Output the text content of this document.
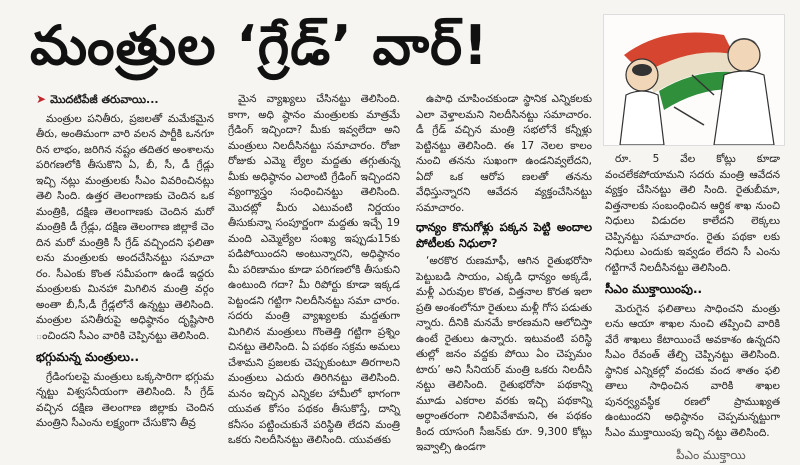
మంత్రుల ‘గ్రేడ్’ వార్!
➤ మొదటిపేజీ తరువాయి...

మంత్రుల పనితీరు, ప్రజలతో మమేకమైన తీరు, అంతిమంగా వారి వలన పార్టీకి ఒనగూ రిన లాభం, జరిగిన నష్టం తదితర అంశాలను పరిగణలోకి తీసుకొని ఏ, బీ, సీ, డీ గ్రేడ్లు ఇచ్చి నట్లు మంత్రులకు సీఎం వివరించినట్లు తెలి సింది. ఉత్తర తెలంగాణకు చెందిన ఒక మంత్రికి, దక్షిణ తెలంగాణకు చెందిన మరో మంత్రికి డీ గ్రేడ్లు, దక్షిణ తెలంగాణ జిల్లాకే చెం దిన మరో మంత్రికి సీ గ్రేడ్ వచ్చిందని ఫలితా లను మంత్రులకు అందచేసినట్టు సమాచా రం. సీఎంకు కొంత సమీపంగా ఉండే ఇద్దరు మంత్రులకు మినహా మిగిలిన మంత్రి వర్గం అంతా బీ,సీ,డీ గ్రేడ్లలోనే ఉన్నట్టు తెలిసింది. మంత్రుల పనితీరుపై అధిష్ఠానం దృష్టిసారి ంచిందని సీఎం వారికి చెప్పినట్టు తెలిసింది.

భగ్గుమన్న మంత్రులు..

గ్రేడింగులపై మంత్రులు ఒక్కసారిగా భగ్గుమ న్నట్టు విశ్వసనీయంగా తెలిసింది. సీ గ్రేడ్ వచ్చిన దక్షిణ తెలంగాణ జిల్లాకు చెందిన మంత్రిని సీఎంను లక్ష్యంగా చేసుకొని తీవ్ర

మైన వ్యాఖ్యలు చేసినట్టు తెలిసింది. కాగా, అధి ష్ఠానం మంత్రులకు మాత్రమే గ్రేడింగ్ ఇచ్చిందా? మీకు ఇవ్వలేదా అని మంత్రులు నిలదీసినట్టు సమాచారం. రోజా రోజుకు ఎమ్మె ల్యేల మద్దతు తగ్గుతున్న మీకు అధిష్ఠానం ఎలాంటి గ్రేడింగ్ ఇచ్చిందని వ్యంగ్యాస్త్రం సంధించినట్టు తెలిసింది. మొదట్లో మీరు ఎటువంటి నిర్ణయం తీసుకున్నా సంపూర్ణంగా మద్దతు ఇచ్చే 19 మంది ఎమ్మెల్యేల సంఖ్య ఇప్పుడు15కు పడిపోయిందని అంటున్నారని, అధిష్ఠానం మీ పరిణామం కూడా పరిగణలోకి తీసుకుని ఉంటుంది గదా? మీ రిపోర్టు కూడా ఇక్కడ పెట్టండని గట్టిగా నిలదీసినట్టు సమా చారం. సదరు మంత్రి వ్యాఖ్యలకు మద్దతుగా మిగిలిన మంత్రులు గొంతెత్తి గట్టిగా ప్రశ్నిం చినట్టు తెలిసింది. ఏ పథకం సక్రమ అమలు చేశామని ప్రజలకు చెప్పుకుంటూ తిరగాలని మంత్రులు ఎదురు తిరిగినట్టు తెలిసింది. మనం ఇచ్చిన ఎన్నికల హామీలో భాగంగా యువత కోసం పథకం తీసుకొస్తే, దాన్ని కనీసం పట్టించుకునే పరిస్థితి లేదని మంత్రి ఒకరు నిలదీసినట్టు తెలిసింది. యువతకు

ఉపాధి చూపించకుండా స్థానిక ఎన్నికలకు ఎలా వెళ్తాలమని నిలదీసినట్టు సమాచారం. డీ గ్రేడ్ వచ్చిన మంత్రి సభలోనే కన్నీళ్లు పెట్టినట్టు తెలిసింది. ఈ 17 నెలల కాలం నుంచి తనను సుఖంగా ఉండనివ్వలేదని, ఏదో ఒక ఆరోప ణలతో తనను వేధిస్తున్నారని ఆవేదన వ్యక్తంచేసినట్టు సమాచారం.

ధాన్యం కొనుగోళ్లు పక్కన పెట్టి అందాల పోటీలకు నిధులా?

‘అరకొర రుణమాఫీ, ఆగిన రైతుభరోసా పెట్టుబడి సాయం, ఎక్కడి ధాన్యం అక్కడే, మళ్లీ ఎరువుల కొరత, విత్తనాల కొరత ఇలా ప్రతి అంశంలోనూ రైతులు మళ్లీ గోస పడుతు న్నారు. దీనికి మనమే కారణమని ఆలోచిస్తా ఉంటే రైతులు ఉన్నారు. ఇటువంటి పరిస్థి తుల్లో జనం వద్దకు పోయి ఏం చెప్పమం టారు’ అని సీనియర్ మంత్రి ఒకరు నిలదీసి నట్టు తెలిసింది. రైతుభరోసా పథకాన్ని మూడు ఎకరాల వరకు ఇచ్చి పథకాన్ని అర్ధాంతరంగా నిలిపివేశామని, ఈ పథకం కింద యాసంగి సీజన్‌కు రూ. 9,300 కోట్లు ఇవ్వాల్సి ఉండగా

రూ. 5 వేల కోట్లు కూడా వంచలేకపోయామని సదరు మంత్రి ఆవేదన వ్యక్తం చేసినట్టు తెలి సింది. రైతుబీమా, విత్తనాలకు సంబంధించిన ఆర్థిక శాఖ నుంచి నిధులు విడుదల కాలేదని లెక్కలు చెప్పినట్టు సమాచారం. రైతు పథకా లకు నిధులు ఎందుకు ఇవ్వడం లేదని సీ ఎంను గట్టిగానే నిలదీసినట్టు తెలిసింది.

సీఎం ముక్తాయింపు..

మెరుగైన ఫలితాలు సాధించని మంత్రు లను ఆయా శాఖల నుంచి తప్పించి వారికి వేరే శాఖలు కేటాయించే అవకాశం ఉన్నదని సీఎం రేవంత్ తేల్చి చెప్పినట్టు తెలిసింది. స్థానిక ఎన్నికల్లో వందకు వంద శాతం ఫలి తాలు సాధించిన వారికి శాఖల పునర్వ్యవస్థీక రణలో ప్రాముఖ్యత ఉంటుందని అధిష్ఠానం చెప్పమన్నట్టుగా సీఎం ముక్తాయింపు ఇచ్చి నట్టు తెలిసింది.

పీఎం ముక్తాయి
